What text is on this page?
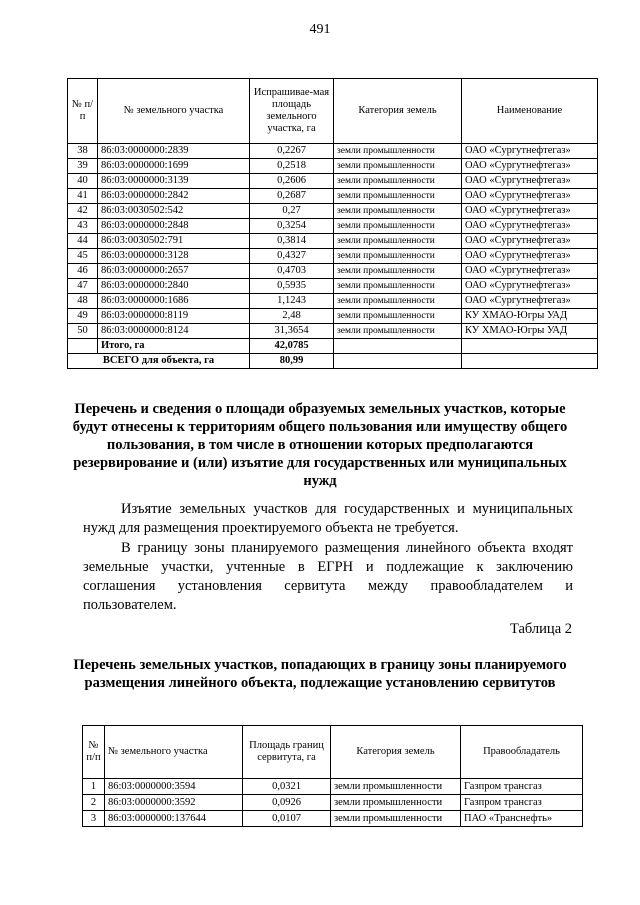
491
№ п/п	№ земельного участка	Испрашивае-мая площадь земельного участка, га	Категория земель	Наименование
38	86:03:0000000:2839	0,2267	земли промышленности	ОАО «Сургутнефтегаз»
39	86:03:0000000:1699	0,2518	земли промышленности	ОАО «Сургутнефтегаз»
40	86:03:0000000:3139	0,2606	земли промышленности	ОАО «Сургутнефтегаз»
41	86:03:0000000:2842	0,2687	земли промышленности	ОАО «Сургутнефтегаз»
42	86:03:0030502:542	0,27	земли промышленности	ОАО «Сургутнефтегаз»
43	86:03:0000000:2848	0,3254	земли промышленности	ОАО «Сургутнефтегаз»
44	86:03:0030502:791	0,3814	земли промышленности	ОАО «Сургутнефтегаз»
45	86:03:0000000:3128	0,4327	земли промышленности	ОАО «Сургутнефтегаз»
46	86:03:0000000:2657	0,4703	земли промышленности	ОАО «Сургутнефтегаз»
47	86:03:0000000:2840	0,5935	земли промышленности	ОАО «Сургутнефтегаз»
48	86:03:0000000:1686	1,1243	земли промышленности	ОАО «Сургутнефтегаз»
49	86:03:0000000:8119	2,48	земли промышленности	КУ ХМАО-Югры УАД
50	86:03:0000000:8124	31,3654	земли промышленности	КУ ХМАО-Югры УАД
	Итого, га	42,0785		
ВСЕГО для объекта, га		80,99		
Перечень и сведения о площади образуемых земельных участков, которые будут отнесены к территориям общего пользования или имуществу общего пользования, в том числе в отношении которых предполагаются резервирование и (или) изъятие для государственных или муниципальных нужд
Изъятие земельных участков для государственных и муниципальных нужд для размещения проектируемого объекта не требуется.
В границу зоны планируемого размещения линейного объекта входят земельные участки, учтенные в ЕГРН и подлежащие к заключению соглашения установления сервитута между правообладателем и пользователем.
Таблица 2
Перечень земельных участков, попадающих в границу зоны планируемого размещения линейного объекта, подлежащие установлению сервитутов
№ п/п	№ земельного участка	Площадь границ сервитута, га	Категория земель	Правообладатель
1	86:03:0000000:3594	0,0321	земли промышленности	Газпром трансгаз
2	86:03:0000000:3592	0,0926	земли промышленности	Газпром трансгаз
3	86:03:0000000:137644	0,0107	земли промышленности	ПАО «Транснефть»
